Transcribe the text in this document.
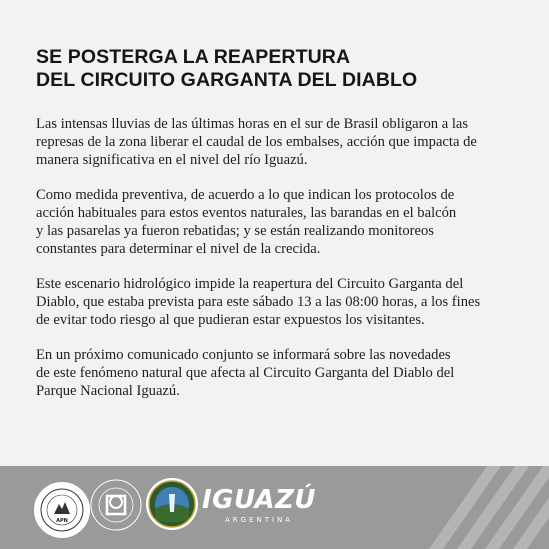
SE POSTERGA LA REAPERTURA
DEL CIRCUITO GARGANTA DEL DIABLO

Las intensas lluvias de las últimas horas en el sur de Brasil obligaron a las
represas de la zona liberar el caudal de los embalses, acción que impacta de
manera significativa en el nivel del río Iguazú.

Como medida preventiva, de acuerdo a lo que indican los protocolos de
acción habituales para estos eventos naturales, las barandas en el balcón
y las pasarelas ya fueron rebatidas; y se están realizando monitoreos
constantes para determinar el nivel de la crecida.

Este escenario hidrológico impide la reapertura del Circuito Garganta del
Diablo, que estaba prevista para este sábado 13 a las 08:00 horas, a los fines
de evitar todo riesgo al que pudieran estar expuestos los visitantes.

En un próximo comunicado conjunto se informará sobre las novedades
de este fenómeno natural que afecta al Circuito Garganta del Diablo del
Parque Nacional Iguazú.

APN
IGUAZÚ
ARGENTINA
